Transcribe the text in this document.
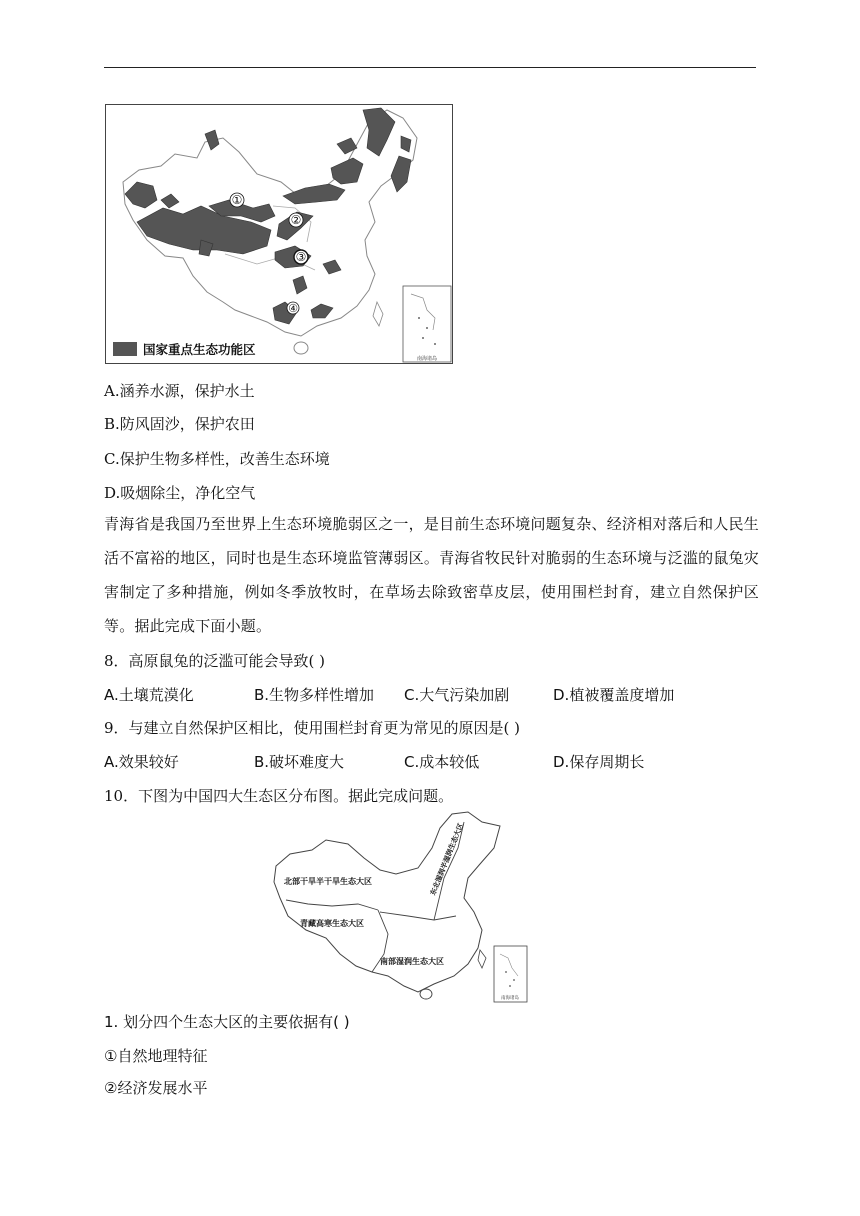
①
②
③
④
南海诸岛
国家重点生态功能区
A.涵养水源，保护水土
B.防风固沙，保护农田
C.保护生物多样性，改善生态环境
D.吸烟除尘，净化空气
青海省是我国乃至世界上生态环境脆弱区之一，是目前生态环境问题复杂、经济相对落后和人民生活不富裕的地区，同时也是生态环境监管薄弱区。青海省牧民针对脆弱的生态环境与泛滥的鼠兔灾害制定了多种措施，例如冬季放牧时，在草场去除致密草皮层，使用围栏封育，建立自然保护区等。据此完成下面小题。
8．高原鼠兔的泛滥可能会导致( )
A.土壤荒漠化	B.生物多样性增加 C.大气污染加剧	D.植被覆盖度增加
9．与建立自然保护区相比，使用围栏封育更为常见的原因是( )
A.效果较好	B.破坏难度大	C.成本较低	D.保存周期长
10．下图为中国四大生态区分布图。据此完成问题。
北部干旱半干旱生态大区
青藏高寒生态大区
南部湿润生态大区
东北湿润半湿润生态大区
南海诸岛
1. 划分四个生态大区的主要依据有( )
①自然地理特征
②经济发展水平
